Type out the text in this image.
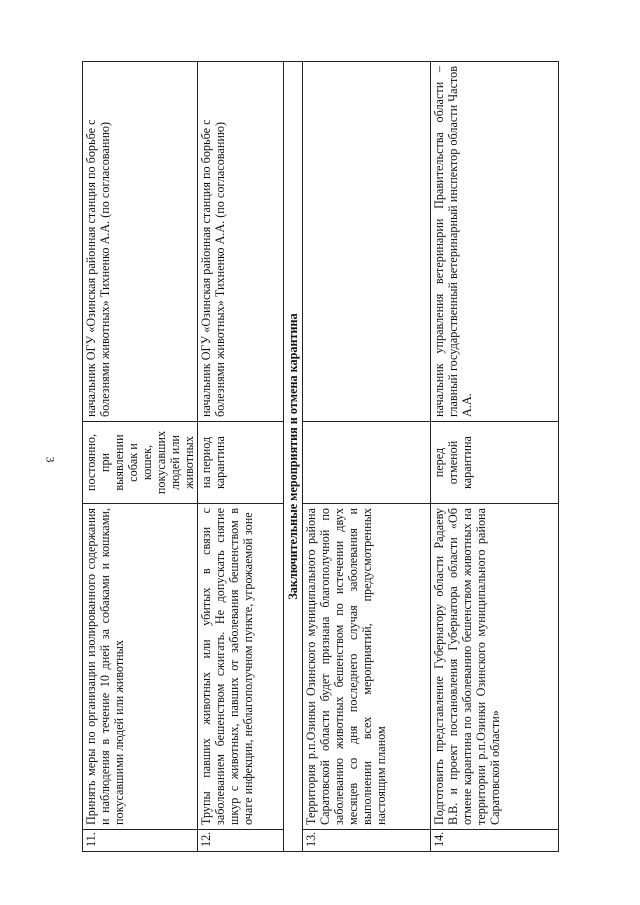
3
11.	Принять меры по организации изолированного содержания и наблюдения в течение 10 дней за собаками и кошками, покусавшими людей или животных	постоянно, при выявлении собак и кошек, покусавших людей или животных	начальник ОГУ «Озинская районная станция по борьбе с болезнями животных» Тихненко А.А. (по согласованию)
12.	Трупы павших животных или убитых в связи с заболеванием бешенством сжигать. Не допускать снятие шкур с животных, павших от заболевания бешенством в очаге инфекции, неблагополучном пункте, угрожаемой зоне	на период карантина	начальник ОГУ «Озинская районная станция по борьбе с болезнями животных» Тихненко А.А. (по согласованию)
Заключительные мероприятия и отмена карантина			
13.	Территория р.п.Озинки Озинского муниципального района Саратовской области будет признана благополучной по заболеванию животных бешенством по истечении двух месяцев со дня последнего случая заболевания и выполнении всех мероприятий, предусмотренных настоящим планом		
14.	Подготовить представление Губернатору области Радаеву В.В. и проект постановления Губернатора области «Об отмене карантина по заболеванию бешенством животных на территории р.п.Озинки Озинского муниципального района Саратовской области»	перед отменой карантина	начальник управления ветеринарии Правительства области – главный государственный ветеринарный инспектор области Частов А.А.
